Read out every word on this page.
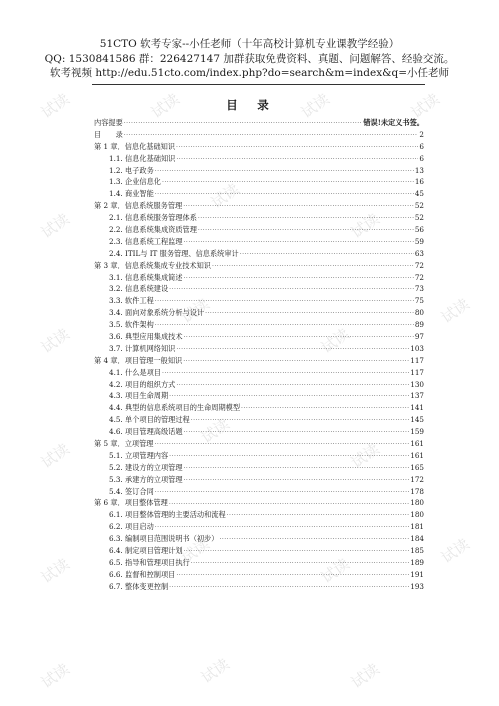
试读	试读	试读	试读
试读
试读
试读
试读
试读
试读
试读
试读
试读
试读
试读
试读
试读
试读
试读	试读	试读
51CTO 软考专家--小任老师（十年高校计算机专业课教学经验）
QQ: 1530841586 群：226427147 加群获取免费资料、真题、问题解答、经验交流。
软考视频 http://edu.51cto.com/index.php?do=search&m=index&q=小任老师
目　录
内容提要 .....	错误!未定义书签。
目　　录 .....	2
第 1 章．信息化基础知识 .....	6
1.1. 信息化基础知识 .....	6
1.2. 电子政务 .....	13
1.3. 企业信息化 .....	16
1.4. 商业智能 .....	45
第 2 章．信息系统服务管理 .....	52
2.1. 信息系统服务管理体系 .....	52
2.2. 信息系统集成资质管理 .....	56
2.3. 信息系统工程监理 .....	59
2.4. ITIL与 IT 服务管理、信息系统审计 .....	63
第 3 章．信息系统集成专业技术知识 .....	72
3.1. 信息系统集成简述 .....	72
3.2. 信息系统建设 .....	73
3.3. 软件工程 .....	75
3.4. 面向对象系统分析与设计 .....	80
3.5. 软件架构 .....	89
3.6. 典型应用集成技术 .....	97
3.7. 计算机网络知识 .....	103
第 4 章．项目管理一般知识 .....	117
4.1. 什么是项目 .....	117
4.2. 项目的组织方式 .....	130
4.3. 项目生命周期 .....	137
4.4. 典型的信息系统项目的生命周期模型 .....	141
4.5. 单个项目的管理过程 .....	145
4.6. 项目管理高级话题 .....	159
第 5 章．立项管理 .....	161
5.1. 立项管理内容 .....	161
5.2. 建设方的立项管理 .....	165
5.3. 承建方的立项管理 .....	172
5.4. 签订合同 .....	178
第 6 章．项目整体管理 .....	180
6.1. 项目整体管理的主要活动和流程 .....	180
6.2. 项目启动 .....	181
6.3. 编制项目范围说明书（初步） .....	184
6.4. 制定项目管理计划 .....	185
6.5. 指导和管理项目执行 .....	189
6.6. 监督和控制项目 .....	191
6.7. 整体变更控制 .....	193
